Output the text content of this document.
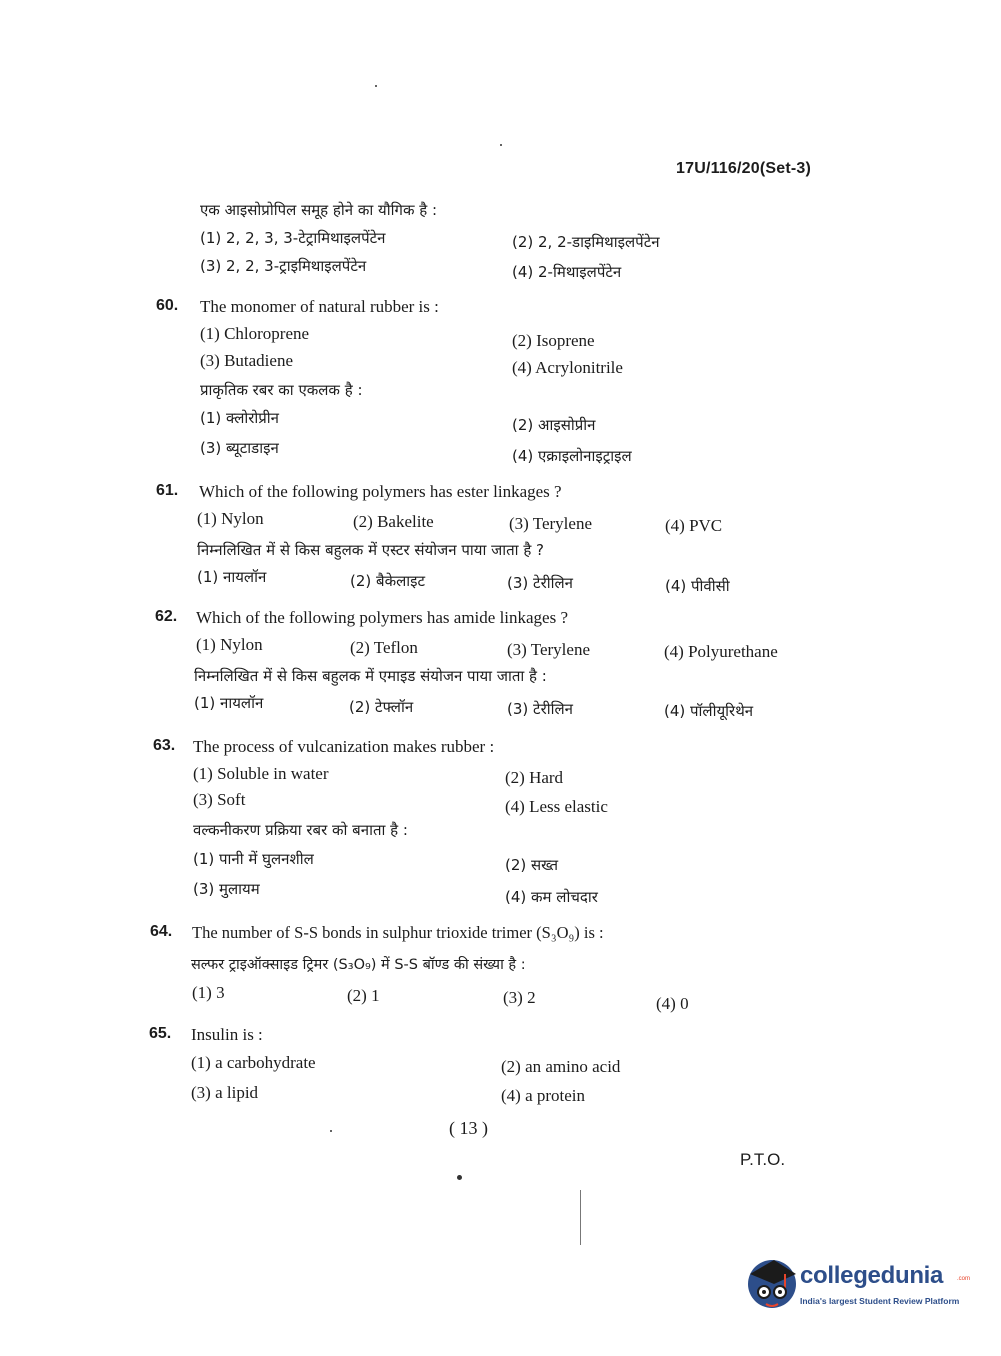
17U/116/20(Set-3)
एक आइसोप्रोपिल समूह होने का यौगिक है :
(1) 2, 2, 3, 3-टेट्रामिथाइलपेंटेन	(2) 2, 2-डाइमिथाइलपेंटेन
(3) 2, 2, 3-ट्राइमिथाइलपेंटेन	(4) 2-मिथाइलपेंटेन
60. The monomer of natural rubber is :
(1) Chloroprene	(2) Isoprene
(3) Butadiene	(4) Acrylonitrile
प्राकृतिक रबर का एकलक है :
(1) क्लोरोप्रीन	(2) आइसोप्रीन
(3) ब्यूटाडाइन	(4) एक्राइलोनाइट्राइल
61. Which of the following polymers has ester linkages ?
(1) Nylon	(2) Bakelite	(3) Terylene	(4) PVC
निम्नलिखित में से किस बहुलक में एस्टर संयोजन पाया जाता है ?
(1) नायलॉन	(2) बैकेलाइट	(3) टेरीलिन	(4) पीवीसी
62. Which of the following polymers has amide linkages ?
(1) Nylon	(2) Teflon	(3) Terylene	(4) Polyurethane
निम्नलिखित में से किस बहुलक में एमाइड संयोजन पाया जाता है :
(1) नायलॉन	(2) टेफ्लॉन	(3) टेरीलिन	(4) पॉलीयूरिथेन
63. The process of vulcanization makes rubber :
(1) Soluble in water	(2) Hard
(3) Soft	(4) Less elastic
वल्कनीकरण प्रक्रिया रबर को बनाता है :
(1) पानी में घुलनशील	(2) सख्त
(3) मुलायम	(4) कम लोचदार
64. The number of S-S bonds in sulphur trioxide trimer (S₃O₉) is :
सल्फर ट्राइऑक्साइड ट्रिमर (S₃O₉) में S-S बॉण्ड की संख्या है :
(1) 3	(2) 1	(3) 2	(4) 0
65. Insulin is :
(1) a carbohydrate	(2) an amino acid
(3) a lipid	(4) a protein
( 13 )
P.T.O.
collegedunia .com
India's largest Student Review Platform
